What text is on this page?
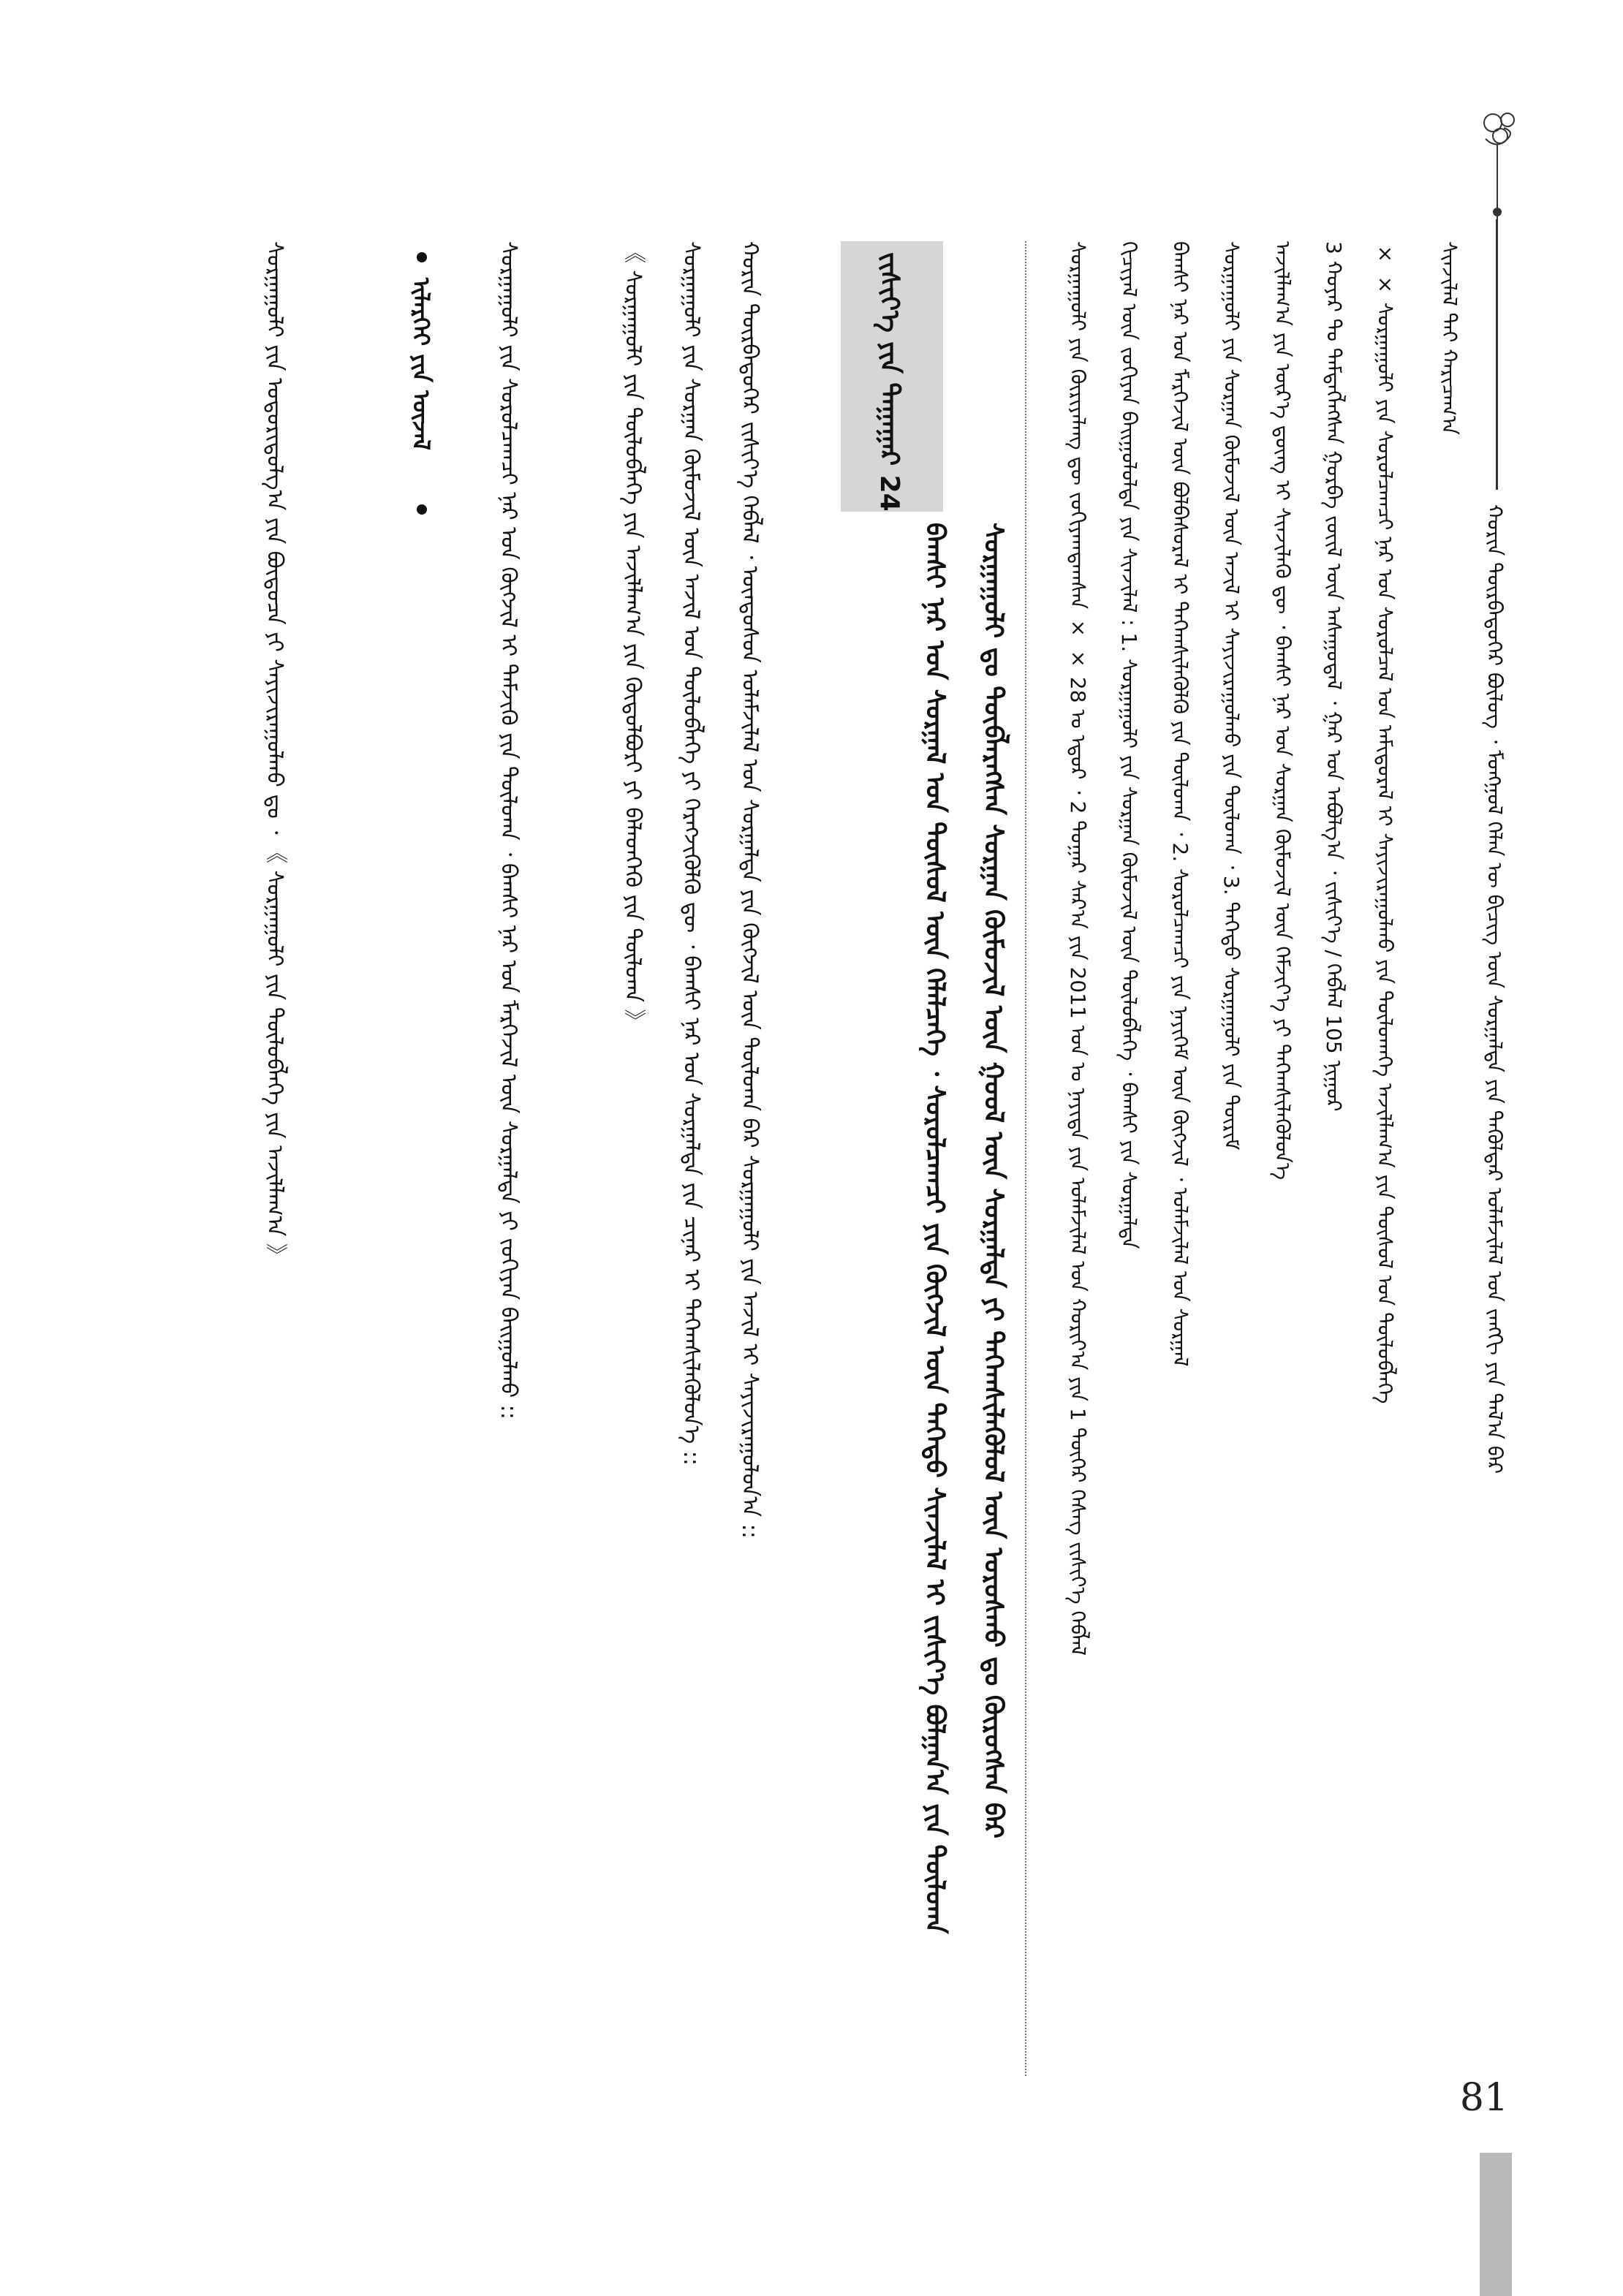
ᠬᠣᠷᠢᠨ ᠳᠥᠷᠪᠡᠳᠦᠭᠡᠷ ᠪᠦᠯᠦᠭ ᠂ ᠮᠣᠩᠭᠣᠯ ᠬᠡᠯᠡᠨ ᠦ ᠪᠢᠴᠢᠭ ᠦᠨ ᠰᠤᠷᠭᠠᠯᠲᠠ ᠶᠢᠨ ᠲᠡᠭᠦᠯᠳᠡᠷ ᠤᠯᠠᠮᠵᠢᠯᠠᠯ ᠤᠨ ᠵᠠᠩᠭᠢ ᠶᠢᠨ ᠲᠠᠯ᠎ᠠ ᠪᠠᠷ
ᠰᠢᠨᠵᠢᠯᠡᠯ ᠲᠡᠶ ᠬᠠᠷᠢᠴᠠᠭ᠎ᠠ
× × ᠰᠤᠷᠭᠠᠭᠤᠯᠢ ᠶᠢᠨ ᠰᠤᠷᠤᠯᠴᠠᠭᠴᠢ ᠨᠠᠷ ᠤᠨ ᠰᠤᠷᠤᠯᠴᠠᠯ ᠤᠨ ᠠᠮᠢᠳᠤᠷᠠᠯ ᠢ ᠰᠠᠶᠢᠵᠢᠷᠠᠭᠤᠯᠬᠤ ᠶᠢᠨ ᠲᠥᠯᠥᠭ᠍ᠡᠭᠡ ᠠᠵᠢᠯᠯᠠᠭ᠎ᠠ ᠶᠢᠨ ᠲᠥᠰᠥᠯ ᠤᠨ ᠲᠥᠯᠥᠪᠯᠡᠭᠡ
3 ᠬᠣᠶᠠᠷ ᠲᠤ ᠲᠡᠮᠳᠡᠭᠯᠡᠭᠰᠡᠨ ᠭᠤᠷᠪᠠ ᠵᠦᠢᠯ ᠦᠨ ᠠᠰᠠᠭᠤᠳᠠᠯ ᠂ ᠭᠠᠷ ᠤᠨ ᠠᠪᠤᠯᠭ᠎ᠠ ᠂ ᠵᠢᠱᠢᠶ᠎ᠡ / ᠬᠡᠪᠯᠡᠯ 105 ᠨᠢᠭᠤᠷ
ᠠᠵᠢᠯᠯᠠᠭ᠎ᠠ ᠶᠢᠨ ᠦᠷ᠎ᠡ ᠳ᠋ᠦᠩ ᠢ ᠰᠢᠨᠵᠢᠯᠡᠬᠦ ᠳᠦ ᠂ ᠪᠠᠭᠰᠢ ᠨᠠᠷ ᠤᠨ ᠰᠤᠷᠭᠠᠨ ᠬᠦᠮᠦᠵᠢᠯ ᠦᠨ ᠬᠡᠮᠵᠢᠶ᠎ᠡ ᠶᠢ ᠳᠡᠭᠡᠭ᠍ᠰᠢᠯᠡᠭᠦᠯᠦᠨ᠎ᠡ
ᠰᠤᠷᠭᠠᠭᠤᠯᠢ ᠶᠢᠨ ᠰᠤᠷᠭᠠᠨ ᠬᠦᠮᠦᠵᠢᠯ ᠦᠨ ᠠᠵᠢᠯ ᠢ ᠰᠠᠶᠢᠵᠢᠷᠠᠭᠤᠯᠬᠤ ᠶᠢᠨ ᠲᠥᠯᠥᠭ᠍ᠡ ᠂ 3. ᠳᠡᠭᠡᠳᠦ ᠰᠤᠷᠭᠠᠭᠤᠯᠢ ᠶᠢᠨ ᠳᠦᠷᠢᠮ
ᠪᠠᠭᠰᠢ ᠨᠠᠷ ᠤᠨ ᠮᠡᠷᠭᠡᠵᠢᠯ ᠦᠨ ᠪᠣᠯᠪᠠᠰᠤᠷᠠᠯ ᠢ ᠳᠡᠭᠡᠭ᠍ᠰᠢᠯᠡᠭᠦᠯᠬᠦ ᠶᠢᠨ ᠲᠥᠯᠥᠭ᠍ᠡ ᠂ 2. ᠰᠤᠷᠤᠯᠴᠠᠭᠴᠢ ᠶᠢᠨ ᠨᠡᠶᠢᠭᠡᠮ ᠦᠨ ᠬᠥᠭᠵᠢᠯ ᠂ ᠤᠯᠠᠮᠵᠢᠯᠠᠯ ᠤᠨ ᠰᠤᠷᠭᠠᠯ
ᠬᠢᠴᠢᠶᠡᠯ ᠦᠨ ᠵᠣᠬᠢᠶᠠᠨ ᠪᠠᠢᠭᠤᠯᠤᠯᠲᠠ ᠶᠢᠨ ᠰᠢᠨᠵᠢᠯᠡᠯ : 1. ᠰᠤᠷᠭᠠᠭᠤᠯᠢ ᠶᠢᠨ ᠰᠤᠷᠭᠠᠨ ᠬᠦᠮᠦᠵᠢᠯ ᠦᠨ ᠲᠥᠯᠥᠪᠯᠡᠭᠡ ᠂ ᠪᠠᠭᠰᠢ ᠶᠢᠨ ᠰᠤᠷᠭᠠᠯᠲᠠ
ᠰᠤᠷᠭᠠᠭᠤᠯᠢ ᠶᠢᠨ ᠬᠦᠷᠢᠶᠡᠯᠡᠩ ᠳᠦ ᠵᠣᠬᠢᠶᠠᠭᠳᠠᠭᠰᠠᠨ × × 28 ᠤ ᠡᠳᠦᠷ ᠂ 2 ᠳᠤᠭᠠᠷ ᠰᠠᠷ᠎ᠠ ᠶᠢᠨ 2011 ᠤᠨ ᠤ ᠨᠡᠶᠢᠲᠡ ᠶᠢᠨ ᠤᠯᠠᠮᠵᠢᠯᠠᠯ ᠤᠨ ᠬᠣᠷᠢᠶ᠎ᠠ ᠶᠢᠨ 1 ᠳᠦᠭᠡᠷ ᠬᠡᠰᠡᠭ ᠵᠢᠱᠢᠶ᠎ᠡ ᠬᠡᠪᠯᠡᠯ
ᠵᠢᠱᠢᠶ᠎ᠡ ᠶᠢᠨ ᠳᠠᠭᠠᠭᠠᠷ 24
ᠰᠤᠷᠭᠠᠭᠤᠯᠢ ᠳᠤ ᠲᠥᠪᠯᠡᠷᠡᠭᠰᠡᠨ ᠰᠤᠷᠭᠠᠨ ᠬᠦᠮᠦᠵᠢᠯ ᠦᠨ ᠭᠤᠤᠯ ᠦᠨ ᠰᠤᠷᠭᠠᠯᠲᠠ ᠶᠢ ᠳᠡᠭᠡᠭ᠍ᠰᠢᠯᠡᠭᠦᠯᠦᠯ ᠦᠨ ᠤᠷᠤᠰᠬᠤ ᠳᠤ ᠬᠦᠷᠦᠭᠰᠡᠨ ᠪᠡᠷ
ᠪᠠᠭᠰᠢ ᠨᠠᠷ ᠤᠨ ᠰᠤᠷᠭᠠᠯ ᠤᠨ ᠲᠥᠰᠥᠯ ᠦᠨ ᠬᠡᠯᠡᠯᠴᠡᠭᠡ ᠂ ᠰᠤᠷᠤᠯᠴᠠᠭᠴᠢ ᠶᠢᠨ ᠬᠥᠭᠵᠢᠯ ᠦᠨ ᠳᠡᠭᠡᠳᠦ ᠰᠢᠨᠵᠢᠯᠡᠯ ᠢ ᠵᠢᠱᠢᠶ᠎ᠡ ᠪᠣᠯᠭᠠᠨ᠎ᠠ ᠶᠢᠨ ᠲᠥᠯᠥᠭ᠍ᠡ
ᠬᠣᠷᠢᠨ ᠳᠥᠷᠪᠡᠳᠦᠭᠡᠷ ᠵᠢᠱᠢᠶ᠎ᠡ ᠬᠡᠪᠯᠡᠯ ᠂ ᠦᠨᠳᠦᠰᠦᠨ ᠤᠯᠠᠮᠵᠢᠯᠠᠯ ᠤᠨ ᠰᠤᠷᠭᠠᠯᠲᠠ ᠶᠢᠨ ᠬᠥᠭᠵᠢᠯ ᠦᠨ ᠲᠥᠯᠥᠭ᠍ᠡ ᠪᠠᠷ ᠰᠤᠷᠭᠠᠭᠤᠯᠢ ᠶᠢᠨ ᠠᠵᠢᠯ ᠢ ᠰᠠᠶᠢᠵᠢᠷᠠᠭᠤᠯᠤᠨ᠎ᠠ ::
ᠰᠤᠷᠭᠠᠭᠤᠯᠢ ᠶᠢᠨ ᠰᠤᠷᠭᠠᠨ ᠬᠦᠮᠦᠵᠢᠯ ᠦᠨ ᠠᠵᠢᠯ ᠤᠨ ᠲᠥᠯᠥᠪᠯᠡᠭᠡ ᠶᠢ ᠬᠡᠷᠡᠭᠵᠢᠭᠦᠯᠬᠦ ᠳᠦ ᠂ ᠪᠠᠭᠰᠢ ᠨᠠᠷ ᠤᠨ ᠰᠤᠷᠭᠠᠯᠲᠠ ᠶᠢᠨ ᠴᠢᠨᠠᠷ ᠢ ᠳᠡᠭᠡᠭ᠍ᠰᠢᠯᠡᠭᠦᠯᠦᠨ᠎ᠡ ::
《 ᠰᠤᠷᠭᠠᠭᠤᠯᠢ ᠶᠢᠨ ᠲᠥᠯᠥᠪᠯᠡᠭᠡ ᠶᠢᠨ ᠠᠵᠢᠯᠯᠠᠭ᠎ᠠ ᠶᠢᠨ ᠬᠥᠲᠥᠯᠪᠦᠷᠢ ᠶᠢ ᠪᠡᠯᠡᠳᠬᠡᠬᠦ ᠶᠢᠨ ᠲᠥᠯᠥᠭ᠍ᠡ 》
ᠰᠤᠷᠭᠠᠭᠤᠯᠢ ᠶᠢᠨ ᠰᠤᠷᠤᠯᠴᠠᠭᠴᠢ ᠨᠠᠷ ᠤᠨ ᠬᠥᠭᠵᠢᠯ ᠢ ᠳᠡᠮᠵᠢᠬᠦ ᠶᠢᠨ ᠲᠥᠯᠥᠭ᠍ᠡ ᠂ ᠪᠠᠭᠰᠢ ᠨᠠᠷ ᠤᠨ ᠮᠡᠷᠭᠡᠵᠢᠯ ᠦᠨ ᠰᠤᠷᠭᠠᠯᠲᠠ ᠶᠢ ᠵᠣᠬᠢᠶᠠᠨ ᠪᠠᠢᠭᠤᠯᠬᠤ ::
ᠰᠤᠷᠭᠠᠭᠤᠯᠢ ᠶᠢᠨ ᠤᠳᠤᠷᠢᠳᠤᠯᠭ᠎ᠠ ᠶᠢᠨ ᠪᠦᠲᠦᠴᠡ ᠶᠢ ᠰᠠᠶᠢᠵᠢᠷᠠᠭᠤᠯᠬᠤ ᠳᠤ ᠂ 《 ᠰᠤᠷᠭᠠᠭᠤᠯᠢ ᠶᠢᠨ ᠲᠥᠯᠥᠪᠯᠡᠭᠡ ᠶᠢᠨ ᠠᠵᠢᠯᠯᠠᠭ᠎ᠠ 》	ᠢᠯᠡᠷᠬᠡᠢ ᠶᠢᠨ ᠦᠵᠡᠯ
81
